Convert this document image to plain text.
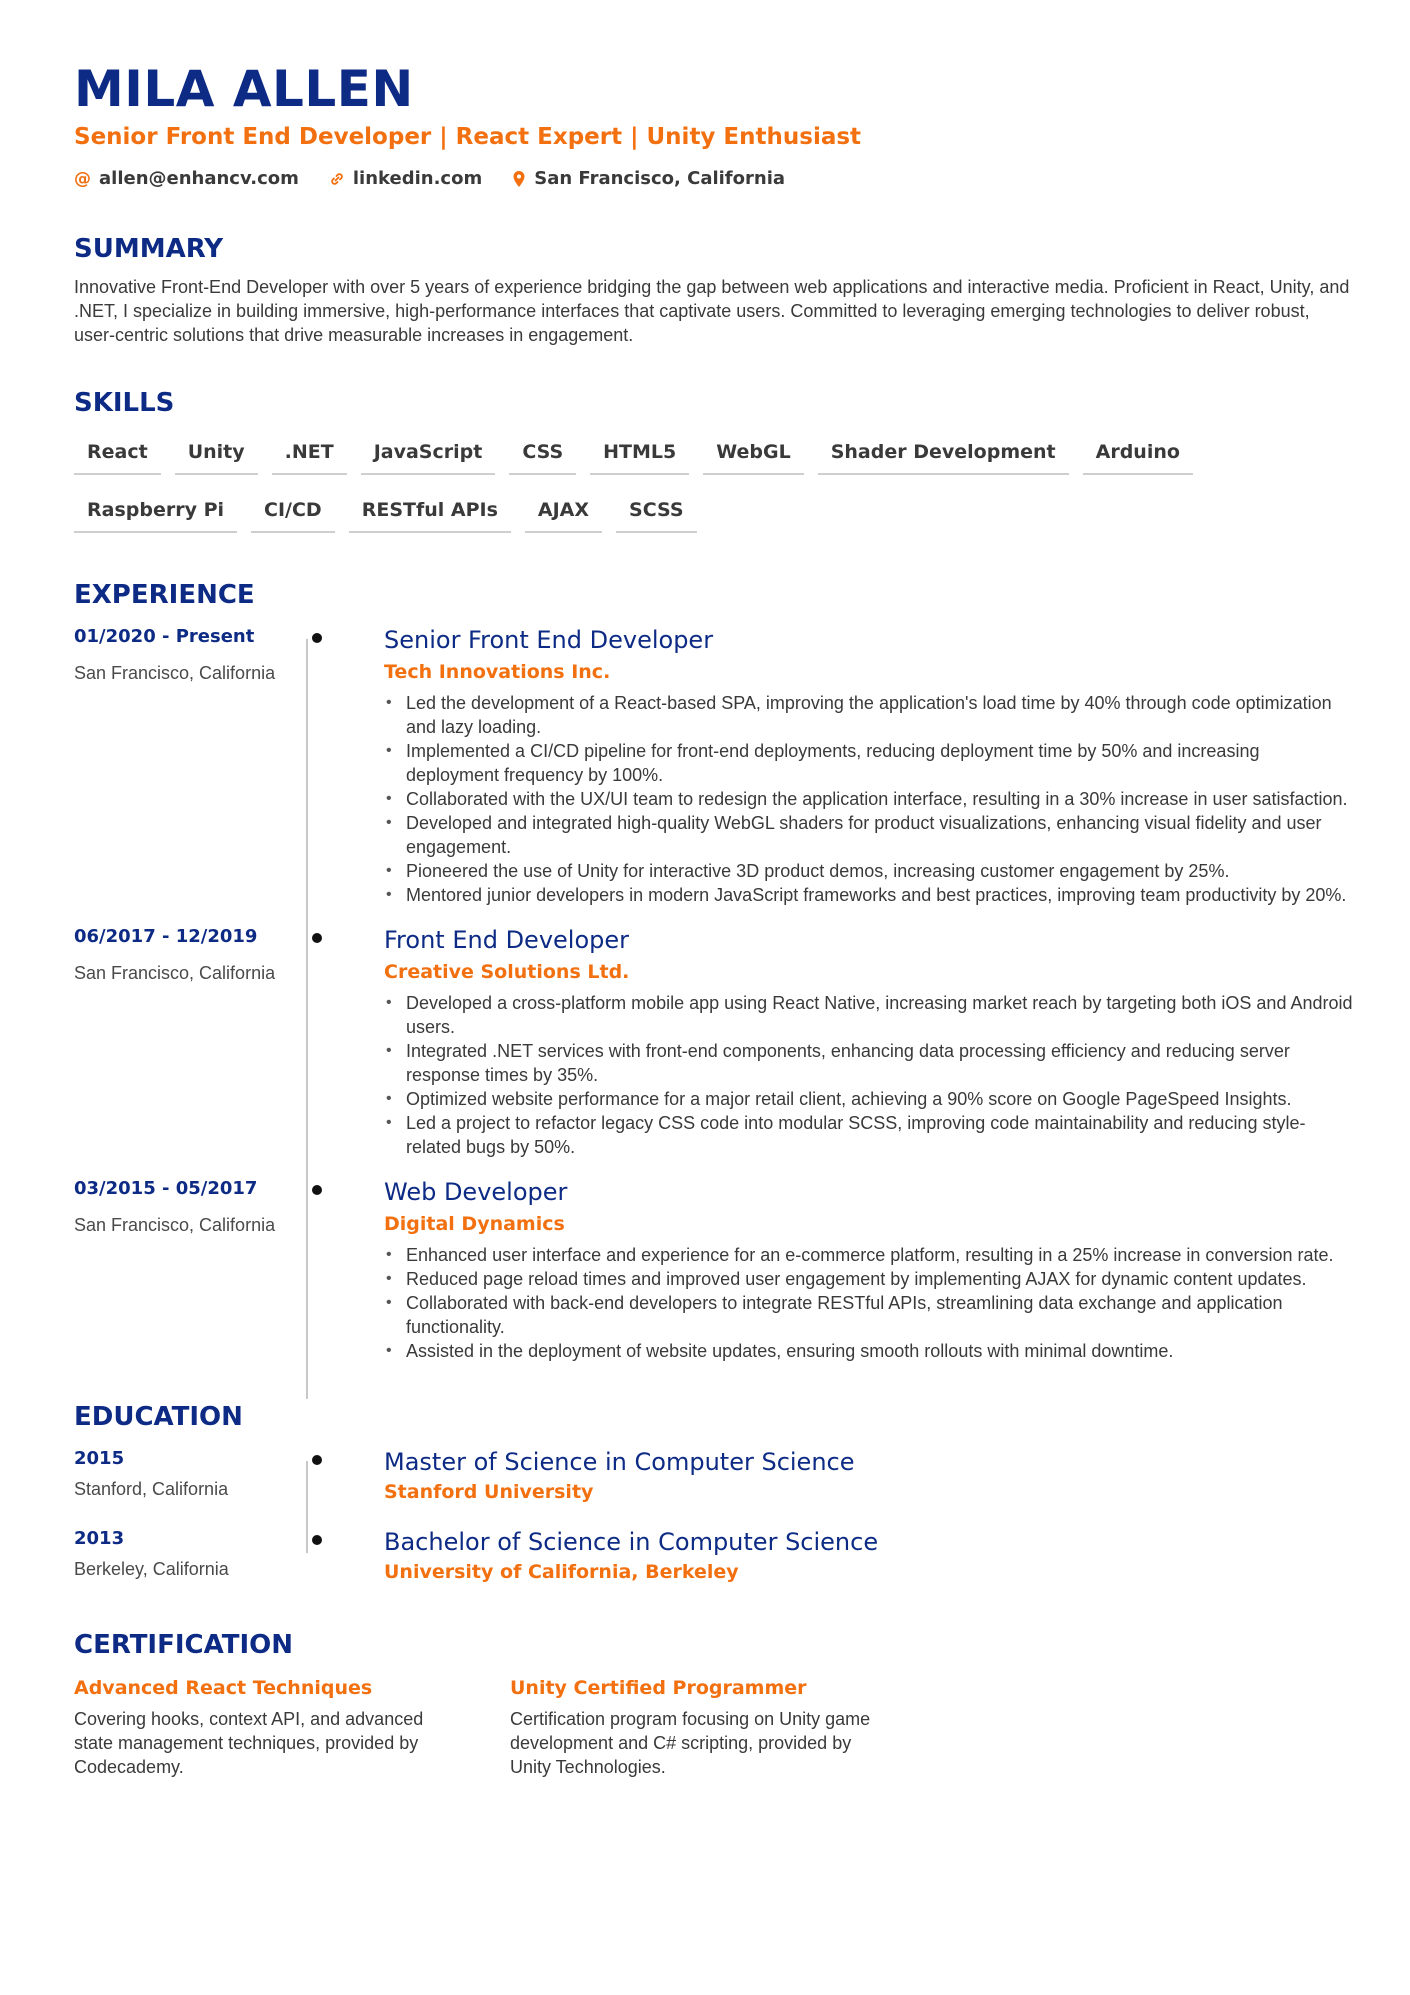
MILA ALLEN
Senior Front End Developer | React Expert | Unity Enthusiast
@ allen@enhancv.com	linkedin.com	San Francisco, California
SUMMARY
Innovative Front-End Developer with over 5 years of experience bridging the gap between web applications and interactive media. Proficient in React, Unity, and .NET, I specialize in building immersive, high-performance interfaces that captivate users. Committed to leveraging emerging technologies to deliver robust, user-centric solutions that drive measurable increases in engagement.
SKILLS
React	Unity	.NET	JavaScript	CSS	HTML5	WebGL	Shader Development	Arduino
Raspberry Pi	CI/CD	RESTful APIs	AJAX	SCSS
EXPERIENCE
01/2020 - Present
San Francisco, California
Senior Front End Developer
Tech Innovations Inc.
• Led the development of a React-based SPA, improving the application's load time by 40% through code optimization and lazy loading.
• Implemented a CI/CD pipeline for front-end deployments, reducing deployment time by 50% and increasing deployment frequency by 100%.
• Collaborated with the UX/UI team to redesign the application interface, resulting in a 30% increase in user satisfaction.
• Developed and integrated high-quality WebGL shaders for product visualizations, enhancing visual fidelity and user engagement.
• Pioneered the use of Unity for interactive 3D product demos, increasing customer engagement by 25%.
• Mentored junior developers in modern JavaScript frameworks and best practices, improving team productivity by 20%.
06/2017 - 12/2019
San Francisco, California
Front End Developer
Creative Solutions Ltd.
• Developed a cross-platform mobile app using React Native, increasing market reach by targeting both iOS and Android users.
• Integrated .NET services with front-end components, enhancing data processing efficiency and reducing server response times by 35%.
• Optimized website performance for a major retail client, achieving a 90% score on Google PageSpeed Insights.
• Led a project to refactor legacy CSS code into modular SCSS, improving code maintainability and reducing style-related bugs by 50%.
03/2015 - 05/2017
San Francisco, California
Web Developer
Digital Dynamics
• Enhanced user interface and experience for an e-commerce platform, resulting in a 25% increase in conversion rate.
• Reduced page reload times and improved user engagement by implementing AJAX for dynamic content updates.
• Collaborated with back-end developers to integrate RESTful APIs, streamlining data exchange and application functionality.
• Assisted in the deployment of website updates, ensuring smooth rollouts with minimal downtime.
EDUCATION
2015
Stanford, California
Master of Science in Computer Science
Stanford University
2013
Berkeley, California
Bachelor of Science in Computer Science
University of California, Berkeley
CERTIFICATION
Advanced React Techniques
Covering hooks, context API, and advanced state management techniques, provided by Codecademy.
Unity Certified Programmer
Certification program focusing on Unity game development and C# scripting, provided by Unity Technologies.
